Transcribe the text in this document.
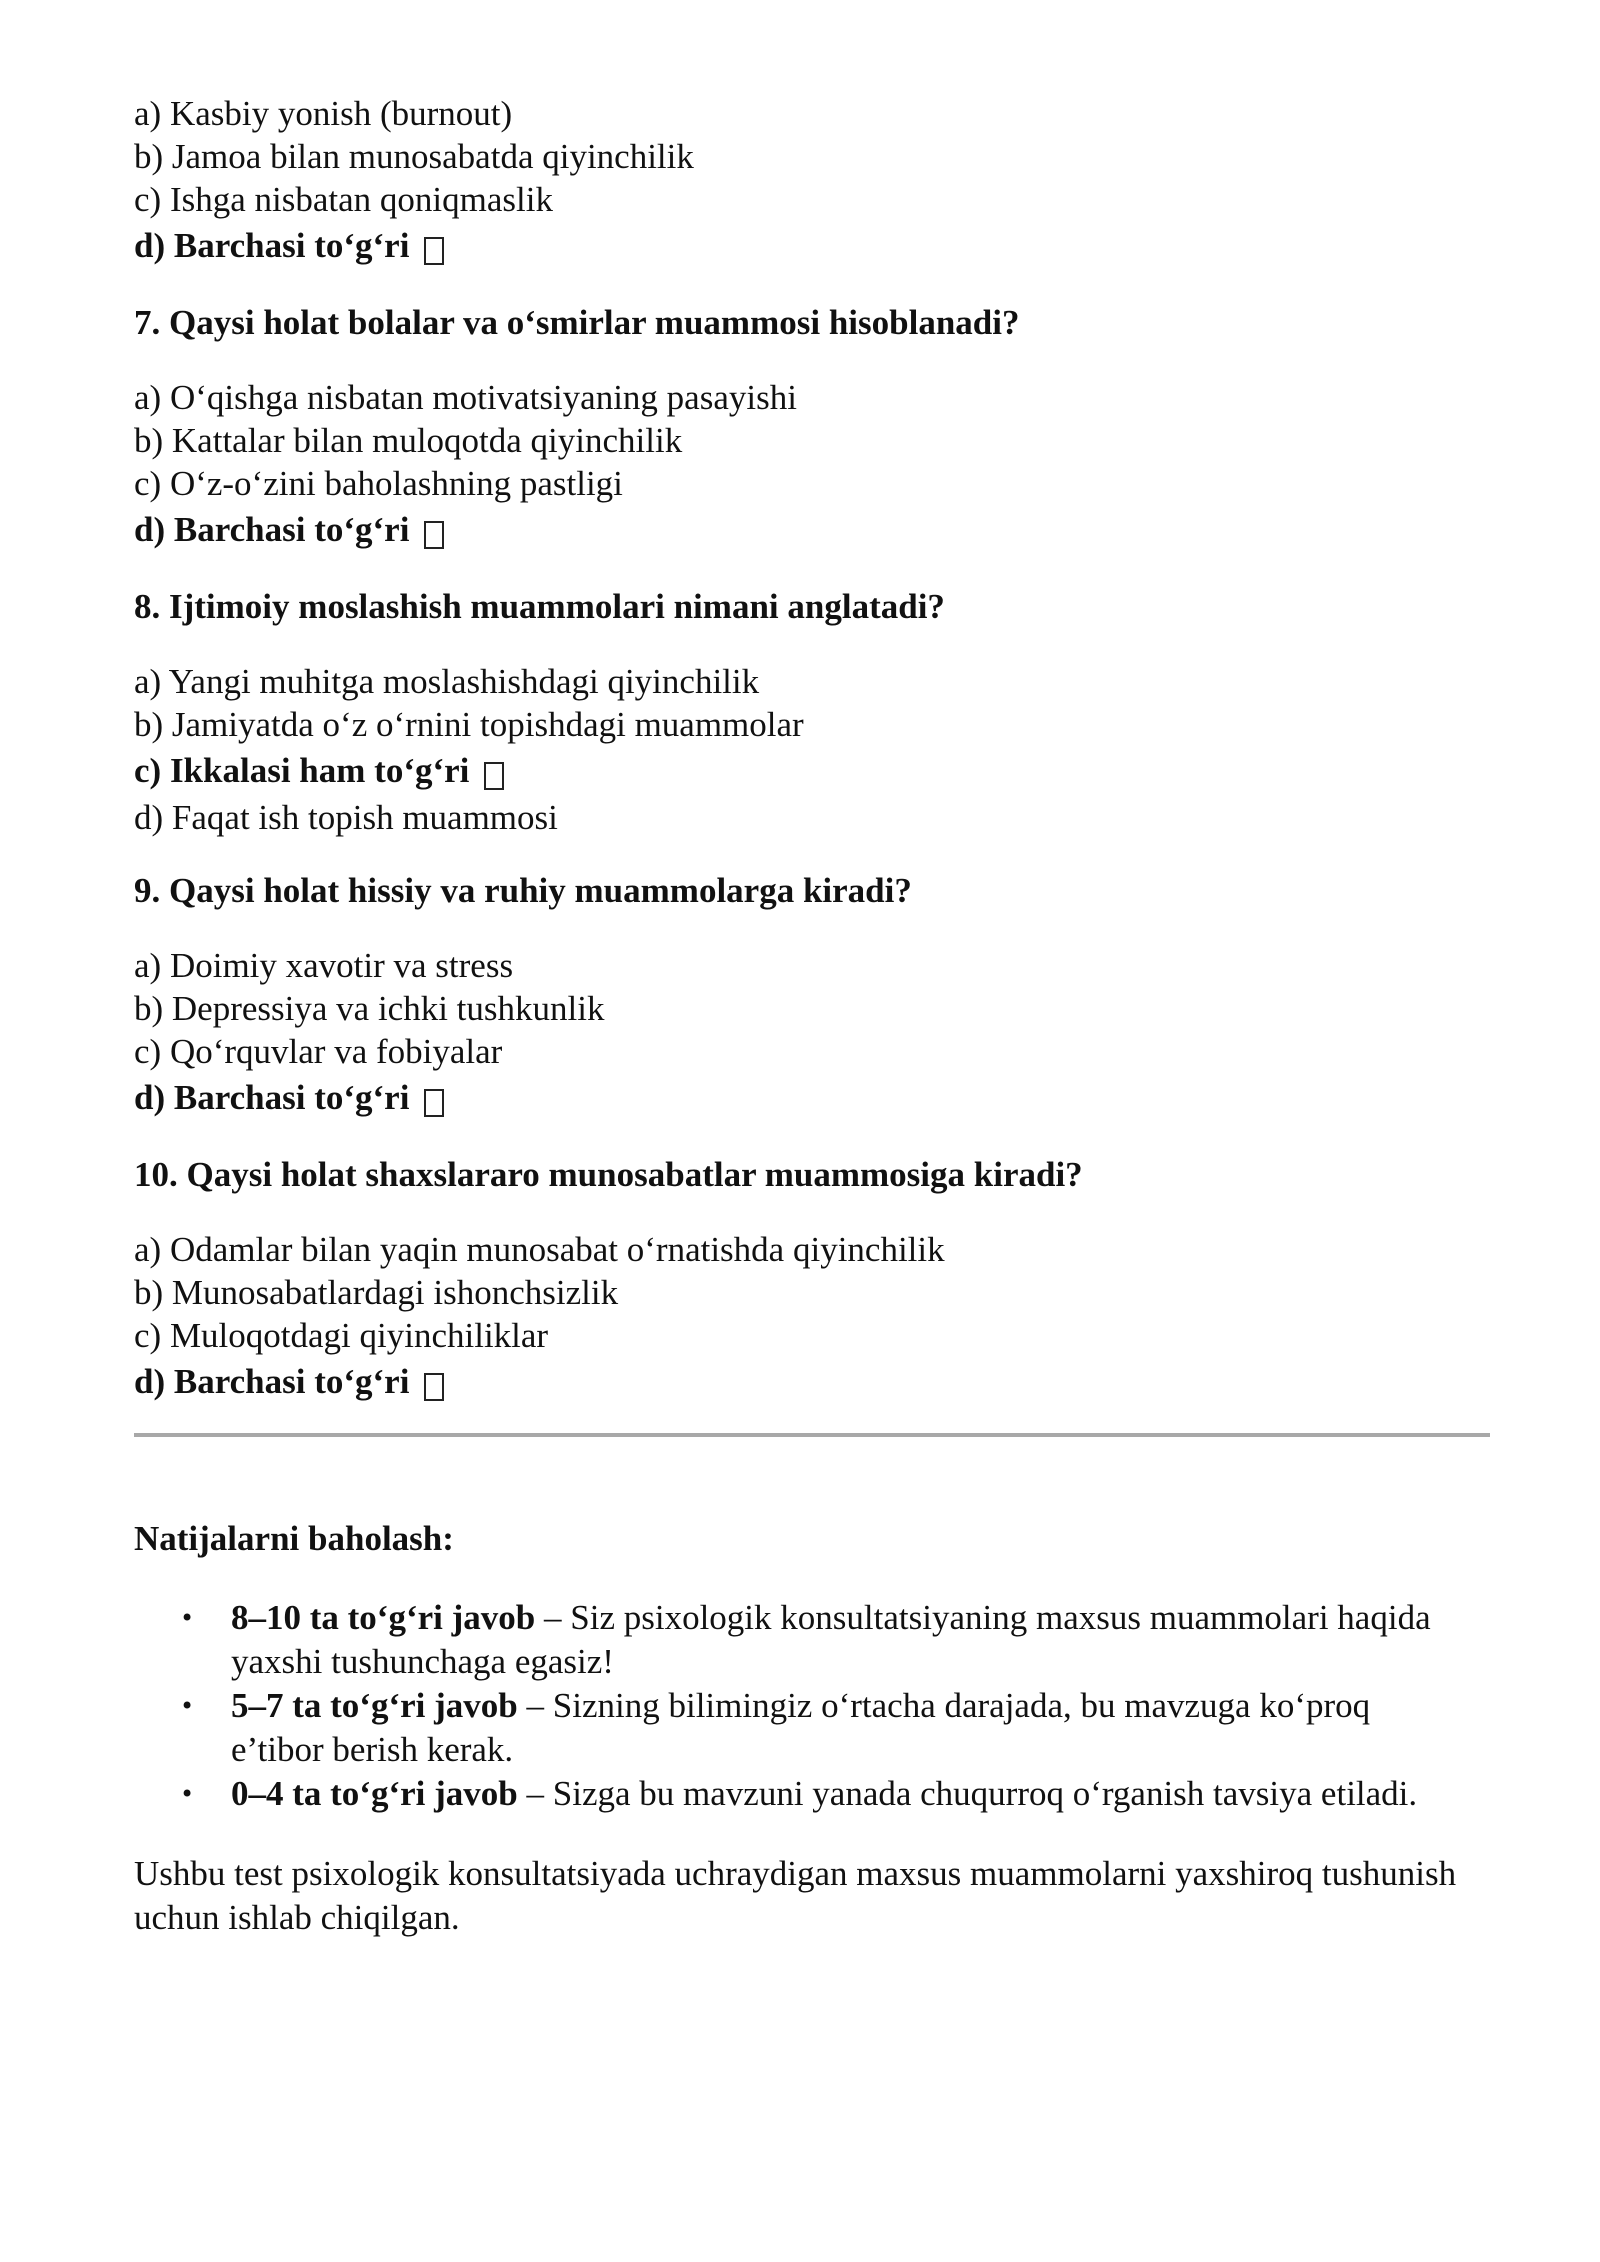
a) Kasbiy yonish (burnout)

b) Jamoa bilan munosabatda qiyinchilik

c) Ishga nisbatan qoniqmaslik

d) Barchasi to‘g‘ri

7. Qaysi holat bolalar va o‘smirlar muammosi hisoblanadi?

a) O‘qishga nisbatan motivatsiyaning pasayishi

b) Kattalar bilan muloqotda qiyinchilik

c) O‘z-o‘zini baholashning pastligi

d) Barchasi to‘g‘ri

8. Ijtimoiy moslashish muammolari nimani anglatadi?

a) Yangi muhitga moslashishdagi qiyinchilik

b) Jamiyatda o‘z o‘rnini topishdagi muammolar

c) Ikkalasi ham to‘g‘ri

d) Faqat ish topish muammosi

9. Qaysi holat hissiy va ruhiy muammolarga kiradi?

a) Doimiy xavotir va stress

b) Depressiya va ichki tushkunlik

c) Qo‘rquvlar va fobiyalar

d) Barchasi to‘g‘ri

10. Qaysi holat shaxslararo munosabatlar muammosiga kiradi?

a) Odamlar bilan yaqin munosabat o‘rnatishda qiyinchilik

b) Munosabatlardagi ishonchsizlik

c) Muloqotdagi qiyinchiliklar

d) Barchasi to‘g‘ri

Natijalarni baholash:

• 8–10 ta to‘g‘ri javob – Siz psixologik konsultatsiyaning maxsus muammolari haqida yaxshi tushunchaga egasiz!
• 5–7 ta to‘g‘ri javob – Sizning bilimingiz o‘rtacha darajada, bu mavzuga ko‘proq e’tibor berish kerak.
• 0–4 ta to‘g‘ri javob – Sizga bu mavzuni yanada chuqurroq o‘rganish tavsiya etiladi.

Ushbu test psixologik konsultatsiyada uchraydigan maxsus muammolarni yaxshiroq tushunish uchun ishlab chiqilgan.
